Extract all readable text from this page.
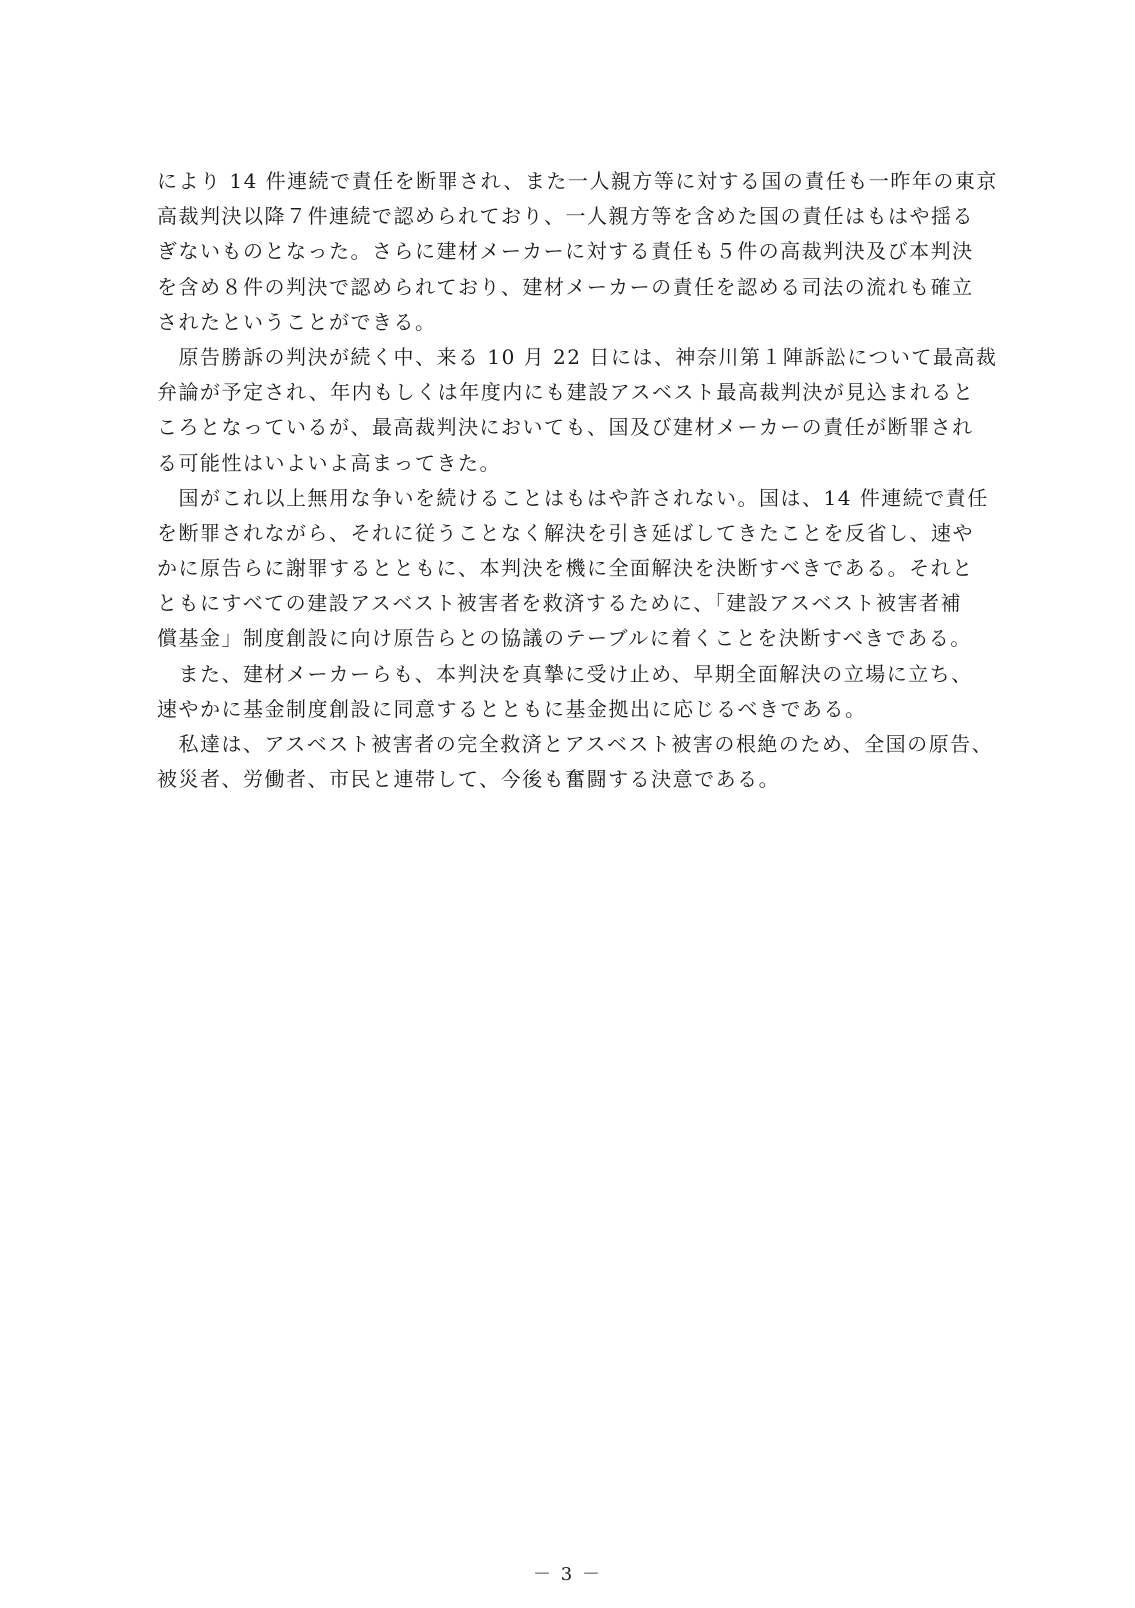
により 14 件連続で責任を断罪され、また一人親方等に対する国の責任も一昨年の東京
高裁判決以降７件連続で認められており、一人親方等を含めた国の責任はもはや揺る
ぎないものとなった。さらに建材メーカーに対する責任も５件の高裁判決及び本判決
を含め８件の判決で認められており、建材メーカーの責任を認める司法の流れも確立
されたということができる。
　原告勝訴の判決が続く中、来る 10 月 22 日には、神奈川第１陣訴訟について最高裁
弁論が予定され、年内もしくは年度内にも建設アスベスト最高裁判決が見込まれると
ころとなっているが、最高裁判決においても、国及び建材メーカーの責任が断罪され
る可能性はいよいよ高まってきた。
　国がこれ以上無用な争いを続けることはもはや許されない。国は、14 件連続で責任
を断罪されながら、それに従うことなく解決を引き延ばしてきたことを反省し、速や
かに原告らに謝罪するとともに、本判決を機に全面解決を決断すべきである。それと
ともにすべての建設アスベスト被害者を救済するために、「建設アスベスト被害者補
償基金」制度創設に向け原告らとの協議のテーブルに着くことを決断すべきである。
　また、建材メーカーらも、本判決を真摯に受け止め、早期全面解決の立場に立ち、
速やかに基金制度創設に同意するとともに基金拠出に応じるべきである。
　私達は、アスベスト被害者の完全救済とアスベスト被害の根絶のため、全国の原告、
被災者、労働者、市民と連帯して、今後も奮闘する決意である。
－ 3 －
